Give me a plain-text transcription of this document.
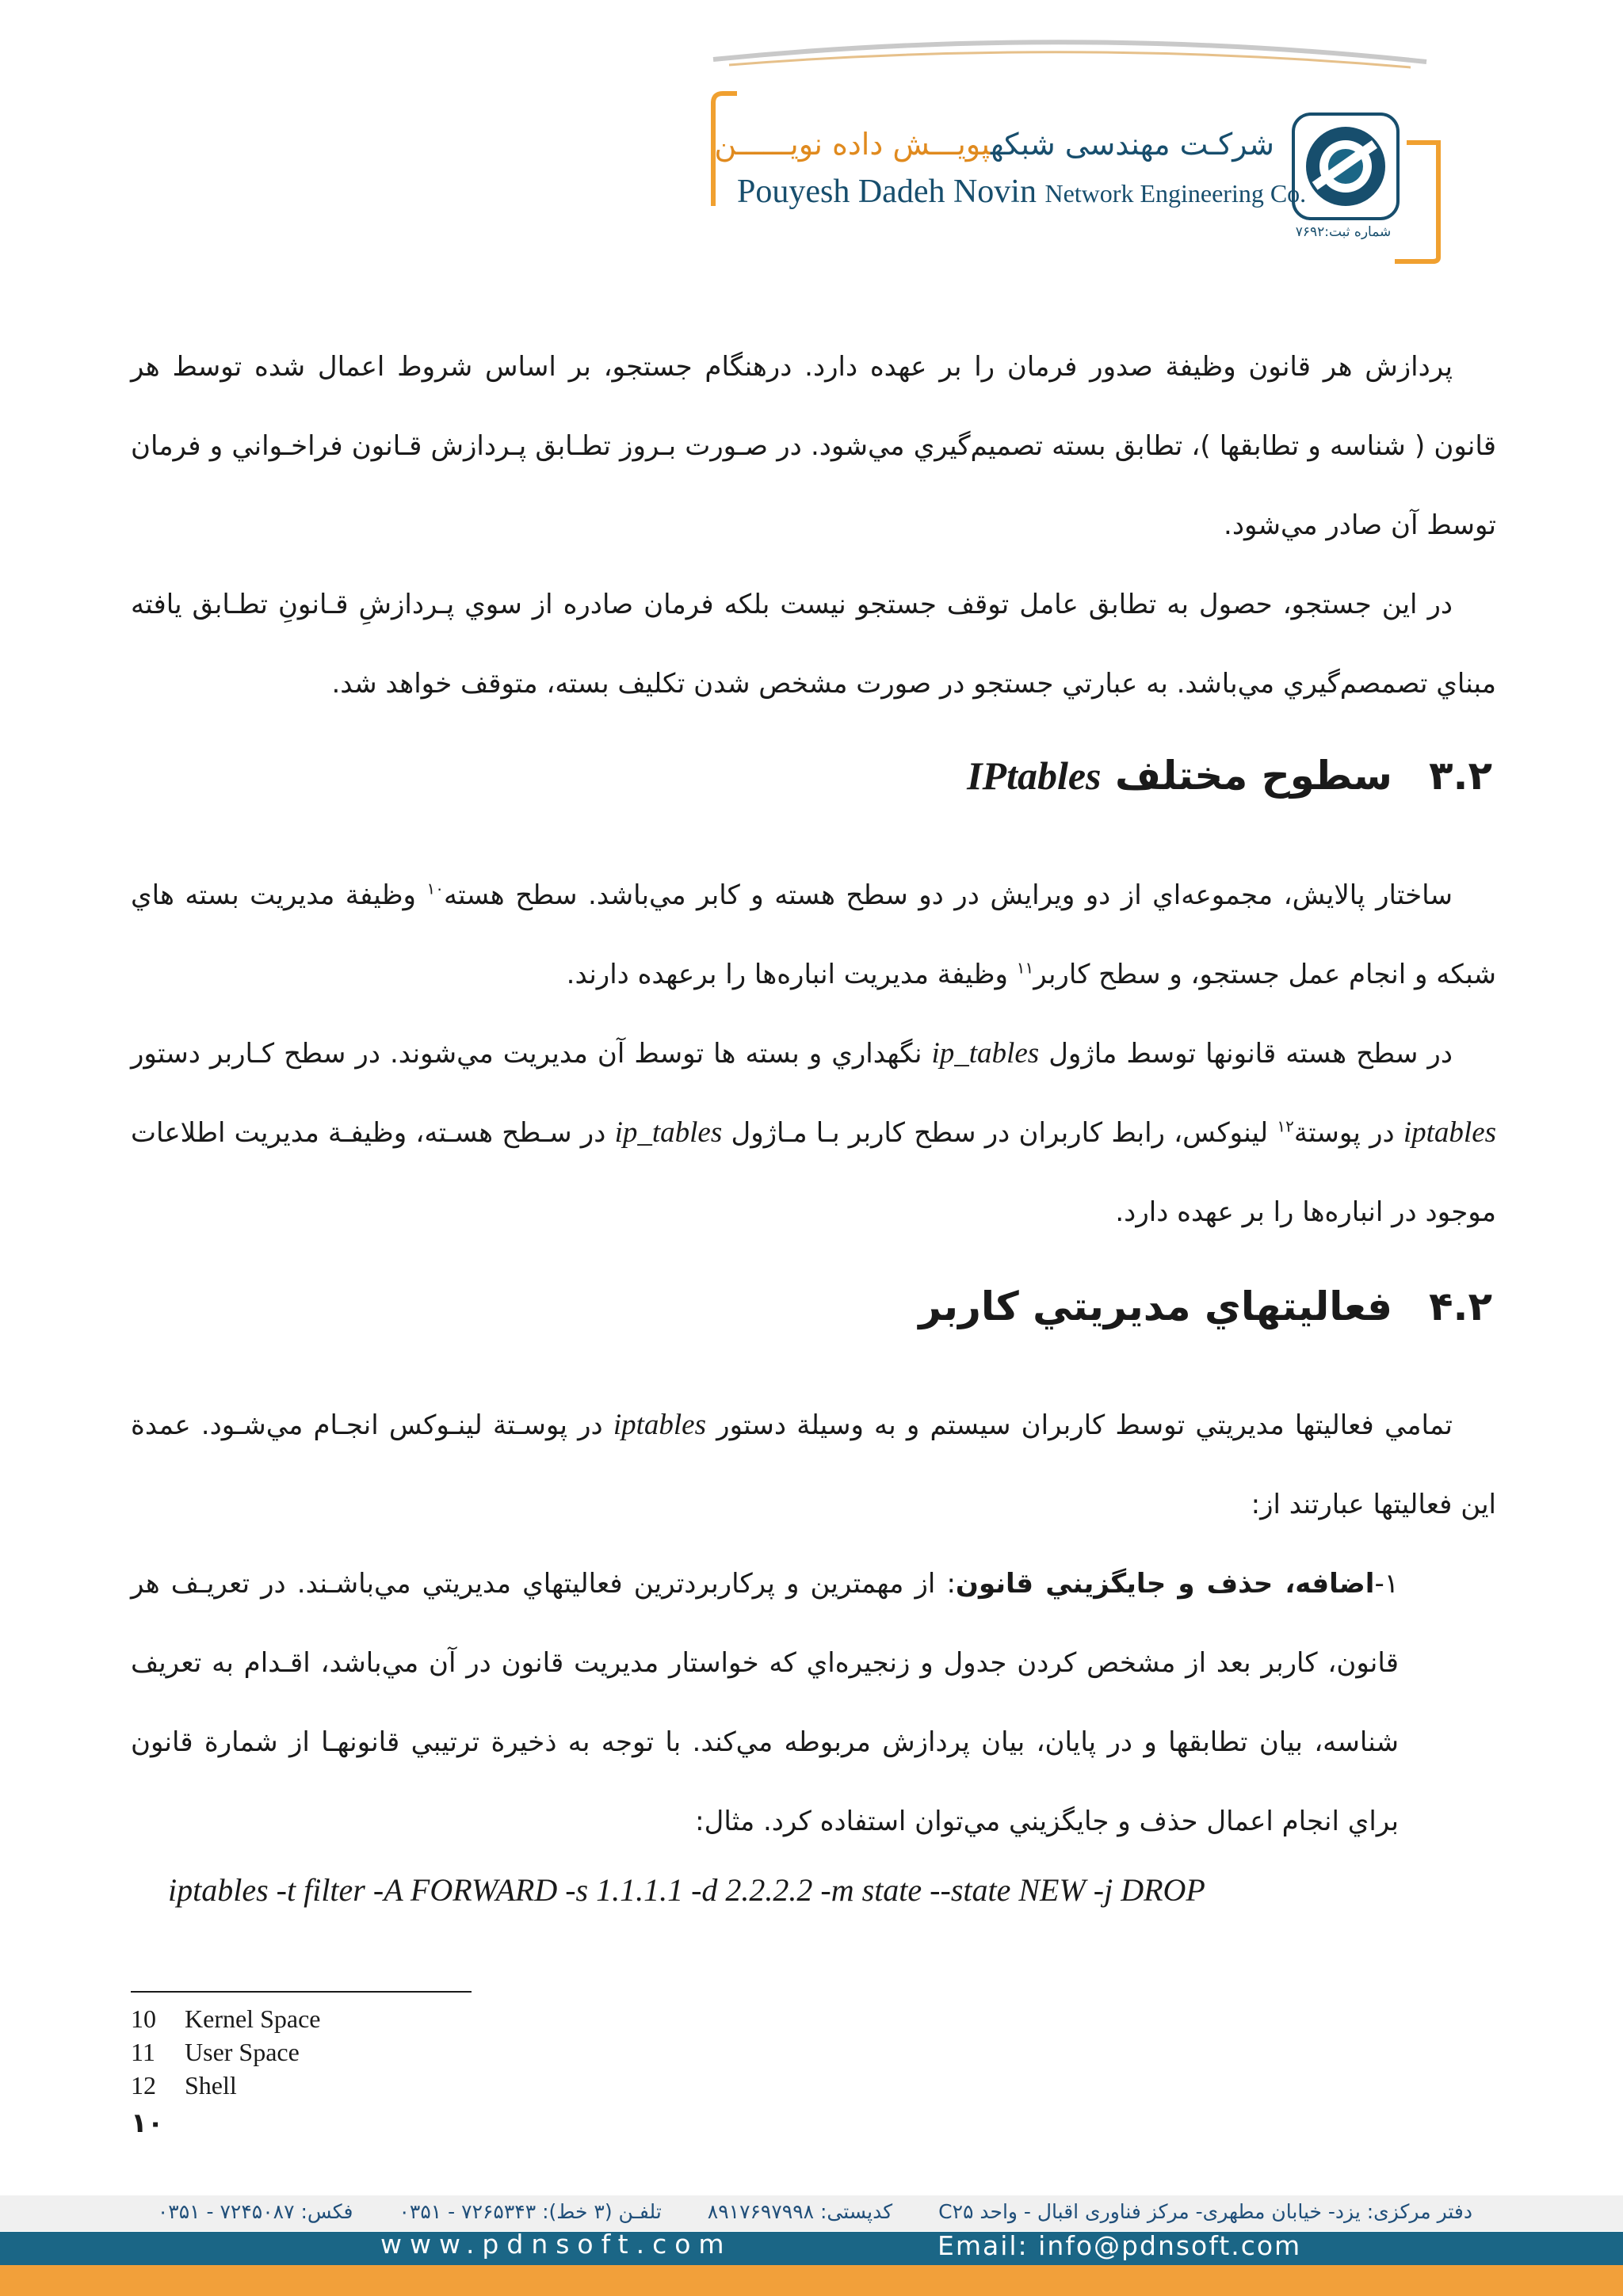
شرکـت مهندسی شبکهپویـــش داده نویــــــن
Pouyesh Dadeh Novin Network Engineering Co.
شماره ثبت:۷۶۹۲
پردازش هر قانون وظيفة صدور فرمان را بر عهده دارد. درهنگام جستجو، بر اساس شروط اعمال شده توسط هر قانون ( شناسه و تطابقها )، تطابق بسته تصميم‌گيري مي‌شود. در صـورت بـروز تطـابق پـردازش قـانون فراخـواني و فرمان توسط آن صادر مي‌شود.
در اين جستجو، حصول به تطابق عامل توقف جستجو نيست بلكه فرمان صادره از سوي پـردازشِ قـانونِ تطـابق يافته مبناي تصمصم‌گيري مي‌باشد. به عبارتي جستجو در صورت مشخص شدن تكليف بسته، متوقف خواهد شد.
۳.۲سطوح مختلف IPtables
ساختار پالايش، مجموعه‌اي از دو ويرايش در دو سطح هسته و كابر مي‌باشد. سطح هسته$^{۱۰}$ وظيفة مديريت بسته هاي شبكه و انجام عمل جستجو، و سطح كاربر$^{۱۱}$ وظيفة مديريت انباره‌ها را برعهده دارند.
در سطح هسته قانونها توسط ماژول ip_tables نگهداري و بسته ها توسط آن مديريت مي‌شوند. در سطح كـاربر دستور iptables در پوستة$^{۱۲}$ لينوكس، رابط كاربران در سطح كاربر بـا مـاژول ip_tables در سـطح هسـته، وظيفـة مديريت اطلاعات موجود در انباره‌ها را بر عهده دارد.
۴.۲فعاليتهاي مديريتي كاربر
تمامي فعاليتها مديريتي توسط كاربران سيستم و به وسيلة دستور iptables در پوسـتة لينـوكس انجـام مي‌شـود. عمدة اين فعاليتها عبارتند از:
۱-اضافه، حذف و جايگزيني قانون: از مهمترين و پركاربردترين فعاليتهاي مديريتي مي‌باشـند. در تعريـف هر قانون، كاربر بعد از مشخص كردن جدول و زنجيره‌اي كه خواستار مديريت قانون در آن مي‌باشد، اقـدام به تعريف شناسه، بيان تطابقها و در پايان، بيان پردازش مربوطه مي‌كند. با توجه به ذخيرة ترتيبي قانونهـا از شمارة قانون براي انجام اعمال حذف و جايگزيني مي‌توان استفاده كرد. مثال:
iptables -t filter -A FORWARD -s 1.1.1.1 -d 2.2.2.2 -m state --state NEW -j DROP
10 Kernel Space
11 User Space
12 Shell
۱۰
دفتر مرکزی: یزد- خیابان مطهری- مرکز فناوری اقبال - واحد C۲۵کدپستی: ۸۹۱۷۶۹۷۹۹۸تلفـن (۳ خط): ۷۲۶۵۳۴۳ - ۰۳۵۱فکس: ۷۲۴۵۰۸۷ - ۰۳۵۱
www.pdnsoft.com	Email: info@pdnsoft.com
